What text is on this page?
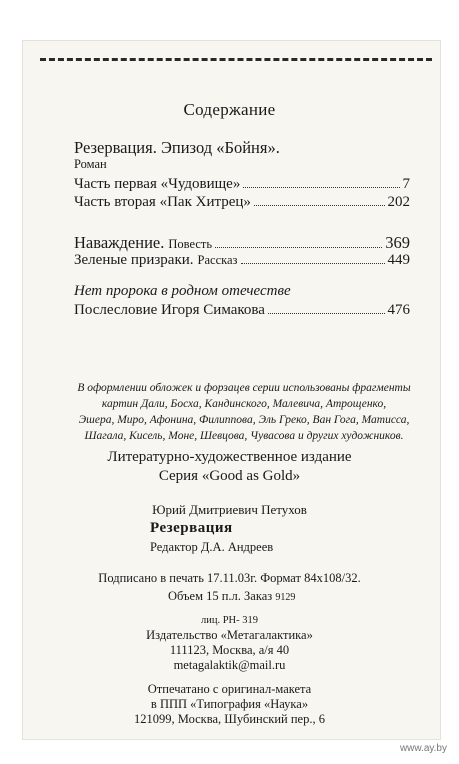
Содержание
Резервация. Эпизод «Бойня».
Роман
Часть первая «Чудовище»	7
Часть вторая «Пак Хитрец»	202
Наваждение. Повесть	369
Зеленые призраки. Рассказ	449
Нет пророка в родном отечестве
Послесловие Игоря Симакова	476
В оформлении обложек и форзацев серии использованы фрагменты
картин Дали, Босха, Кандинского, Малевича, Атрощенко,
Эшера, Миро, Афонина, Филиппова, Эль Греко, Ван Гога, Матисса,
Шагала, Кисель, Моне, Шевцова, Чувасова и других художников.
Литературно-художественное издание
Серия «Good as Gold»
Юрий Дмитриевич Петухов
Резервация
Редактор Д.А. Андреев
Подписано в печать 17.11.03г. Формат 84х108/32.
Объем 15 п.л. Заказ 9129
лиц. РН- 319
Издательство «Метагалактика»
111123, Москва, а/я 40
metagalaktik@mail.ru
Отпечатано с оригинал-макета
в ППП «Типография «Наука»
121099, Москва, Шубинский пер., 6
www.ay.by
